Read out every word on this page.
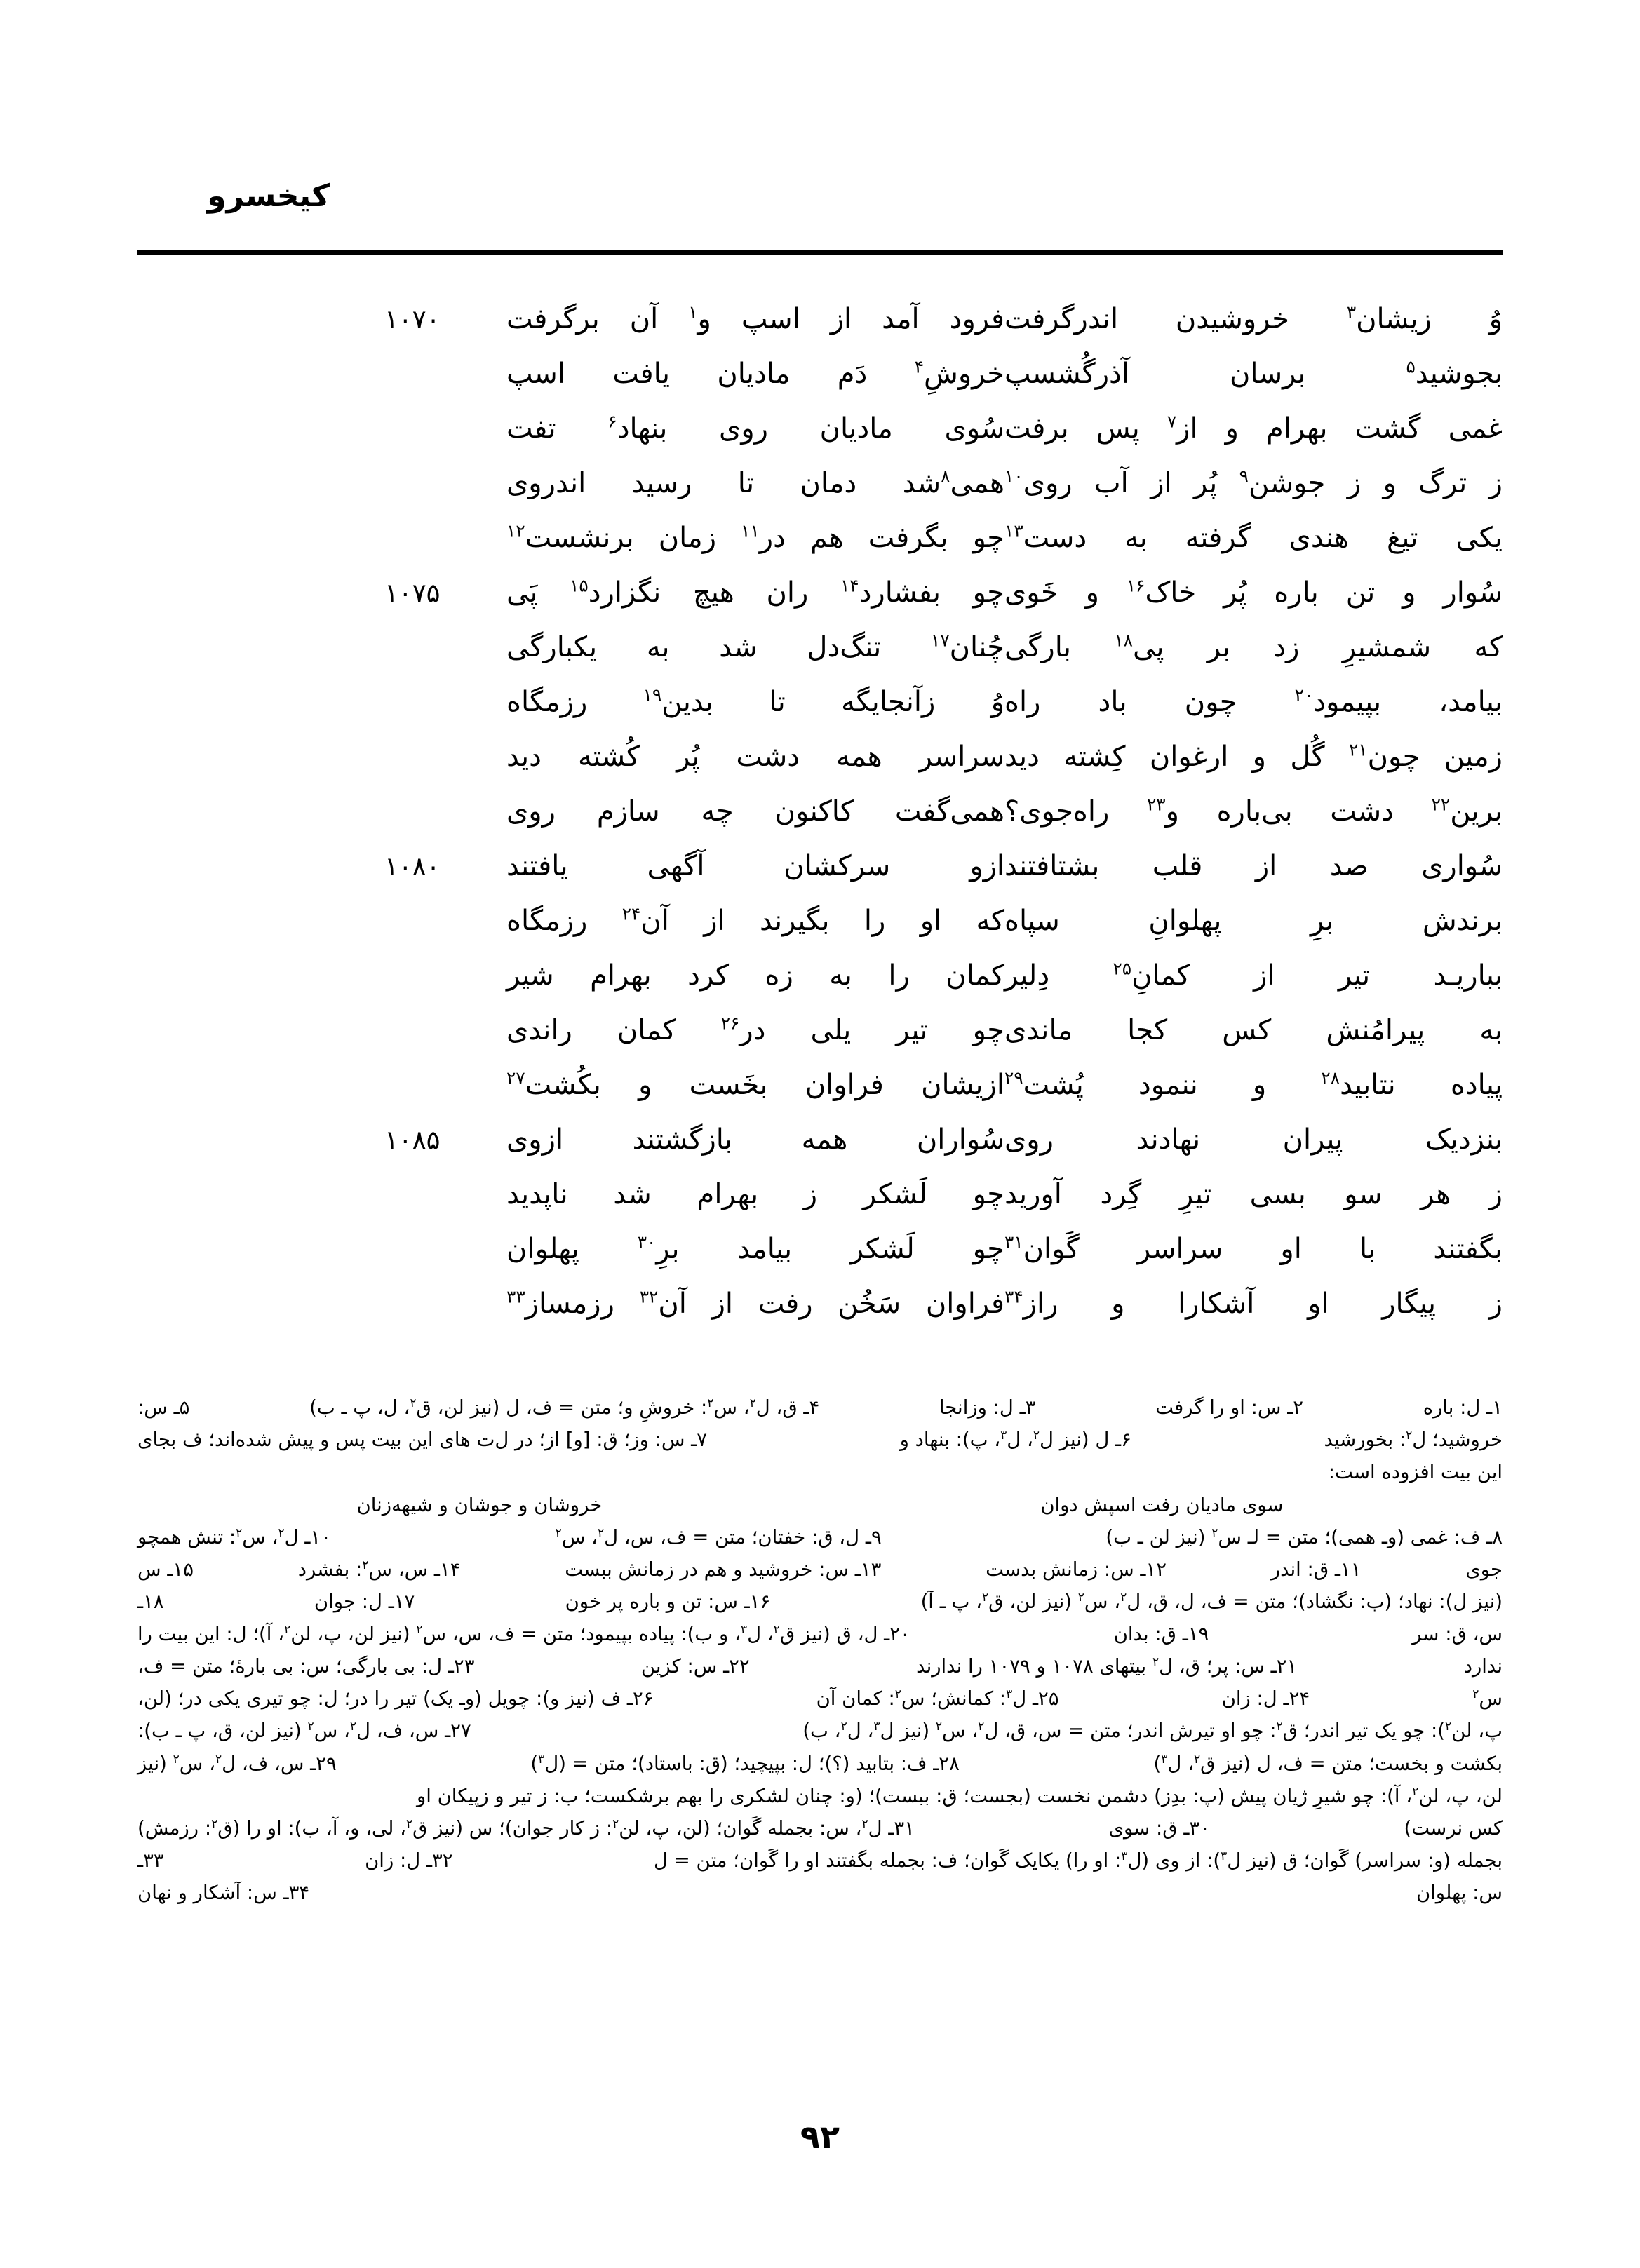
کیخسرو
وُ زیشان$^۳$ خروشیدن اندرگرفت
فرود آمد از اسپ و$^۱$ آن برگرفت
۱۰۷۰
بجوشید$^۵$ برسان آذرگُشسپ
خروشِ$^۴$ دَم مادیان یافت اسپ
غمی گشت بهرام و از$^۷$ پس برفت
سُوی مادیان روی بنهاد$^۶$ تفت
ز ترگ و ز جوشن$^۹$ پُر از آب روی$^{۱۰}$
همی$^۸$شد دمان تا رسید اندروی
یکی تیغ هندی گرفته به دست$^{۱۳}$
چو بگرفت هم در$^{۱۱}$ زمان برنشست$^{۱۲}$
سُوار و تن باره پُر خاک$^{۱۶}$ و خَوی
چو بفشارد$^{۱۴}$ ران هیچ نگزارد$^{۱۵}$ پَی
۱۰۷۵
که شمشیرِ زد بر پی$^{۱۸}$ بارگی
چُنان$^{۱۷}$ تنگ‌دل شد به یکبارگی
بیامد، بپیمود$^{۲۰}$ چون باد راه
وُ زآنجایگه تا بدین$^{۱۹}$ رزمگاه
زمین چون$^{۲۱}$ گُل و ارغوان کِشته دید
سراسر همه دشت پُر کُشته دید
برین$^{۲۲}$ دشت بی‌باره و$^{۲۳}$ راه‌جوی؟
همی‌گفت کاکنون چه سازم روی
سُواری صد از قلب بشتافتند
ازو سرکشان آگهی یافتند
۱۰۸۰
برندش برِ پهلوانِ سپاه
که او را بگیرند از آن$^{۲۴}$ رزمگاه
بباریـد تیر از کمانِ$^{۲۵}$ دِلیر
کمان را به زه کرد بهرام شیر
به پیرامُنش کس کجا ماندی
چو تیر یلی در$^{۲۶}$ کمان راندی
پیاده نتابید$^{۲۸}$ و ننمود پُشت$^{۲۹}$
ازیشان فراوان بخَست و بکُشت$^{۲۷}$
بنزدیک پیران نهادند روی
سُواران همه بازگشتند ازوی
۱۰۸۵
ز هر سو بسی تیرِ گِرد آورید
چو لَشکر ز بهرام شد ناپدید
بگفتند با او سراسر گَوان$^{۳۱}$
چو لَشکر بیامد برِ$^{۳۰}$ پهلوان
ز پیگار او آشکارا و راز$^{۳۴}$
فراوان سَخُن رفت از آن$^{۳۲}$ رزمساز$^{۳۳}$
۱ـ ل: باره
۲ـ س: او را گرفت
۳ـ ل: وزانجا
۴ـ ق، ل$^۲$، س$^۲$: خروشِ و؛ متن = ف، ل (نیز لن، ق$^۲$، ل، پ ـ ب)
۵ـ س:
خروشید؛ ل$^۲$: بخورشید
۶ـ ل (نیز ل$^۲$، ل$^۳$، پ): بنهاد و
۷ـ س: وز؛ ق: [و] از؛ در ل‌ت های این بیت پس و پیش شده‌اند؛ ف بجای
این بیت افزوده است:
سوی مادیان رفت اسپش دوان
خروشان و جوشان و شیهه‌زنان
۸ـ ف: غمی (وـ همی)؛ متن = لـ س$^۲$ (نیز لن ـ ب)
۹ـ ل، ق: خفتان؛ متن = ف، س، ل$^۲$، س$^۲$
۱۰ـ ل$^۲$، س$^۲$: تنش همچو
جوی
۱۱ـ ق: اندر
۱۲ـ س: زمانش بدست
۱۳ـ س: خروشید و هم در زمانش ببست
۱۴ـ س، س$^۲$: بفشرد
۱۵ـ س
(نیز ل): نهاد؛ (ب: نگشاد)؛ متن = ف، ل، ق، ل$^۲$، س$^۲$ (نیز لن، ق$^۲$، پ ـ آ)
۱۶ـ س: تن و باره پر خون
۱۷ـ ل: جوان
۱۸ـ
س، ق: سر
۱۹ـ ق: بدان
۲۰ـ ل، ق (نیز ق$^۲$، ل$^۳$، و ب): پیاده بپیمود؛ متن = ف، س، س$^۲$ (نیز لن، پ، لن$^۲$، آ)؛ ل: این بیت را
ندارد
۲۱ـ س: پر؛ ق، ل$^۲$ بیتهای ۱۰۷۸ و ۱۰۷۹ را ندارند
۲۲ـ س: کزین
۲۳ـ ل: بی بارگی؛ س: بی بارهٔ؛ متن = ف،
س$^۲$
۲۴ـ ل: زان
۲۵ـ ل$^۳$: کمانش؛ س$^۲$: کمان آن
۲۶ـ ف (نیز و): چویل (وـ یک) تیر را در؛ ل: چو تیری یکی در؛ (لن،
پ، لن$^۲$): چو یک تیر اندر؛ ق$^۲$: چو او تیرش اندر؛ متن = س، ق، ل$^۲$، س$^۲$ (نیز ل$^۳$، ل$^۲$، ب)
۲۷ـ س، ف، ل$^۲$، س$^۲$ (نیز لن، ق، پ ـ ب):
بکشت و بخست؛ متن = ف، ل (نیز ق$^۲$، ل$^۳$)
۲۸ـ ف: بتابید (؟)؛ ل: بپیچید؛ (ق: باستاد)؛ متن = (ل$^۳$)
۲۹ـ س، ف، ل$^۲$، س$^۲$ (نیز
لن، پ، لن$^۲$، آ): چو شیرِ ژیان پیش (پ: بدِز) دشمن نخست (بجست؛ ق: ببست)؛ (و: چنان لشکری را بهم برشکست؛ ب: ز تیر و زپیکان او
کس نرست)
۳۰ـ ق: سوی
۳۱ـ ل$^۲$، س: بجمله گَوان؛ (لن، پ، لن$^۲$: ز کار جوان)؛ س (نیز ق$^۲$، لی، و، آ، ب): او را (ق$^۲$: رزمش)
بجمله (و: سراسر) گَوان؛ ق (نیز ل$^۳$): از وی (ل$^۳$: او را) یکایک گَوان؛ ف: بجمله بگفتند او را گَوان؛ متن = ل
۳۲ـ ل: زان
۳۳ـ
س: پهلوان
۳۴ـ س: آشکار و نهان
۹۲
